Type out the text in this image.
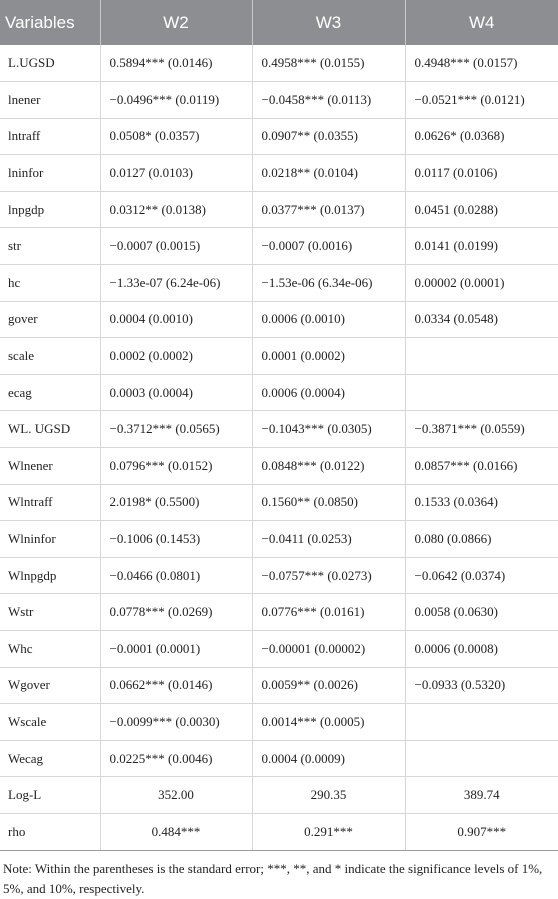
Variables	W2	W3	W4
L.UGSD	0.5894*** (0.0146)	0.4958*** (0.0155)	0.4948*** (0.0157)
lnener	−0.0496*** (0.0119)	−0.0458*** (0.0113)	−0.0521*** (0.0121)
lntraff	0.0508* (0.0357)	0.0907** (0.0355)	0.0626* (0.0368)
lninfor	0.0127 (0.0103)	0.0218** (0.0104)	0.0117 (0.0106)
lnpgdp	0.0312** (0.0138)	0.0377*** (0.0137)	0.0451 (0.0288)
str	−0.0007 (0.0015)	−0.0007 (0.0016)	0.0141 (0.0199)
hc	−1.33e-07 (6.24e-06)	−1.53e-06 (6.34e-06)	0.00002 (0.0001)
gover	0.0004 (0.0010)	0.0006 (0.0010)	0.0334 (0.0548)
scale	0.0002 (0.0002)	0.0001 (0.0002)	
ecag	0.0003 (0.0004)	0.0006 (0.0004)	
WL. UGSD	−0.3712*** (0.0565)	−0.1043*** (0.0305)	−0.3871*** (0.0559)
Wlnener	0.0796*** (0.0152)	0.0848*** (0.0122)	0.0857*** (0.0166)
Wlntraff	2.0198* (0.5500)	0.1560** (0.0850)	0.1533 (0.0364)
Wlninfor	−0.1006 (0.1453)	−0.0411 (0.0253)	0.080 (0.0866)
Wlnpgdp	−0.0466 (0.0801)	−0.0757*** (0.0273)	−0.0642 (0.0374)
Wstr	0.0778*** (0.0269)	0.0776*** (0.0161)	0.0058 (0.0630)
Whc	−0.0001 (0.0001)	−0.00001 (0.00002)	0.0006 (0.0008)
Wgover	0.0662*** (0.0146)	0.0059** (0.0026)	−0.0933 (0.5320)
Wscale	−0.0099*** (0.0030)	0.0014*** (0.0005)	
Wecag	0.0225*** (0.0046)	0.0004 (0.0009)	
Log-L	352.00	290.35	389.74
rho	0.484***	0.291***	0.907***
Note: Within the parentheses is the standard error; ***, **, and * indicate the significance levels of 1%, 5%, and 10%, respectively.
